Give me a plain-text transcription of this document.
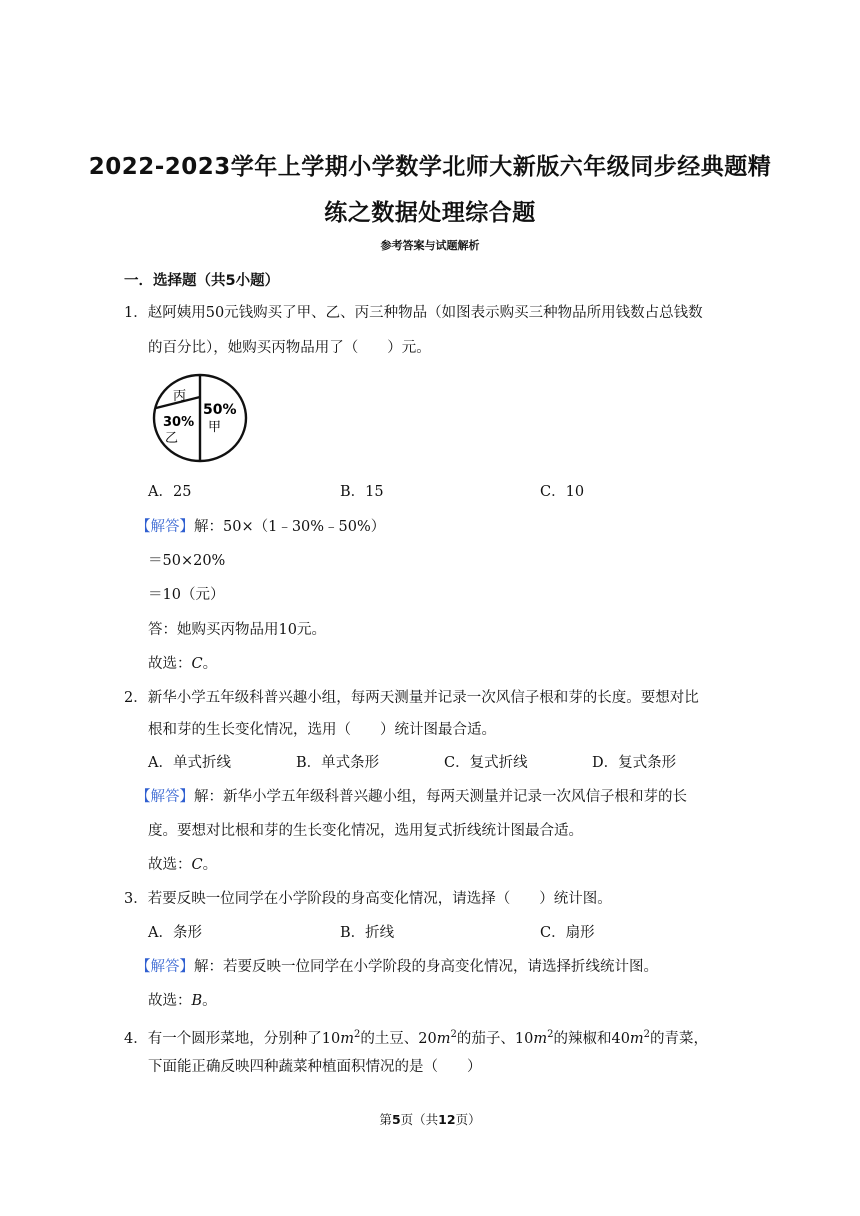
2022-2023学年上学期小学数学北师大新版六年级同步经典题精
练之数据处理综合题
参考答案与试题解析
一．选择题（共5小题）
1．赵阿姨用50元钱购买了甲、乙、丙三种物品（如图表示购买三种物品所用钱数占总钱数
的百分比），她购买丙物品用了（　　）元。
丙
50%
甲
30%
乙
A．25	B．15	C．10
【解答】解：50×（1﹣30%﹣50%）
＝50×20%
＝10（元）
答：她购买丙物品用10元。
故选：C。
2．新华小学五年级科普兴趣小组，每两天测量并记录一次风信子根和芽的长度。要想对比
根和芽的生长变化情况，选用（　　）统计图最合适。
A．单式折线	B．单式条形	C．复式折线	D．复式条形
【解答】解：新华小学五年级科普兴趣小组，每两天测量并记录一次风信子根和芽的长
度。要想对比根和芽的生长变化情况，选用复式折线统计图最合适。
故选：C。
3．若要反映一位同学在小学阶段的身高变化情况，请选择（　　）统计图。
A．条形	B．折线	C．扇形
【解答】解：若要反映一位同学在小学阶段的身高变化情况，请选择折线统计图。
故选：B。
4．有一个圆形菜地，分别种了$10m^2$的土豆、$20m^2$的茄子、$10m^2$的辣椒和$40m^2$的青菜，
下面能正确反映四种蔬菜种植面积情况的是（　　）
第5页（共12页）
